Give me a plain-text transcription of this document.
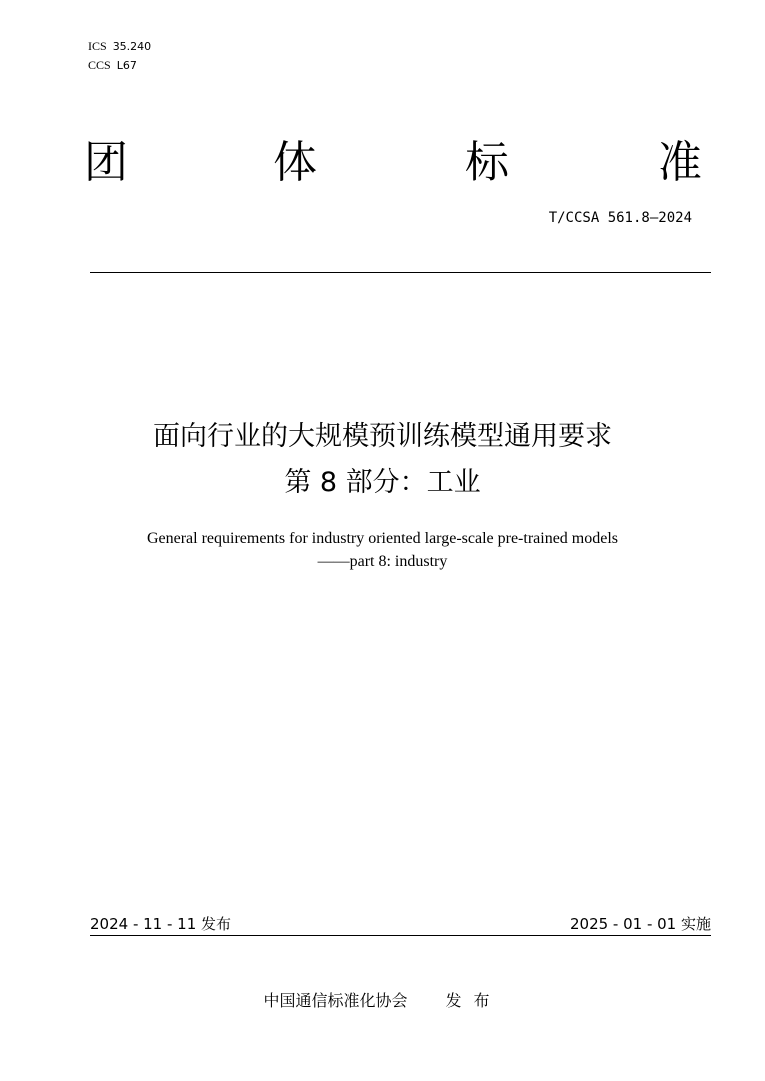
ICS 35.240
CCS L67
团	体	标	准
T/CCSA 561.8—2024
面向行业的大规模预训练模型通用要求
第 8 部分：工业
General requirements for industry oriented large-scale pre-trained models
——part 8: industry
2024 - 11 - 11 发布	2025 - 01 - 01 实施
中国通信标准化协会 发布
